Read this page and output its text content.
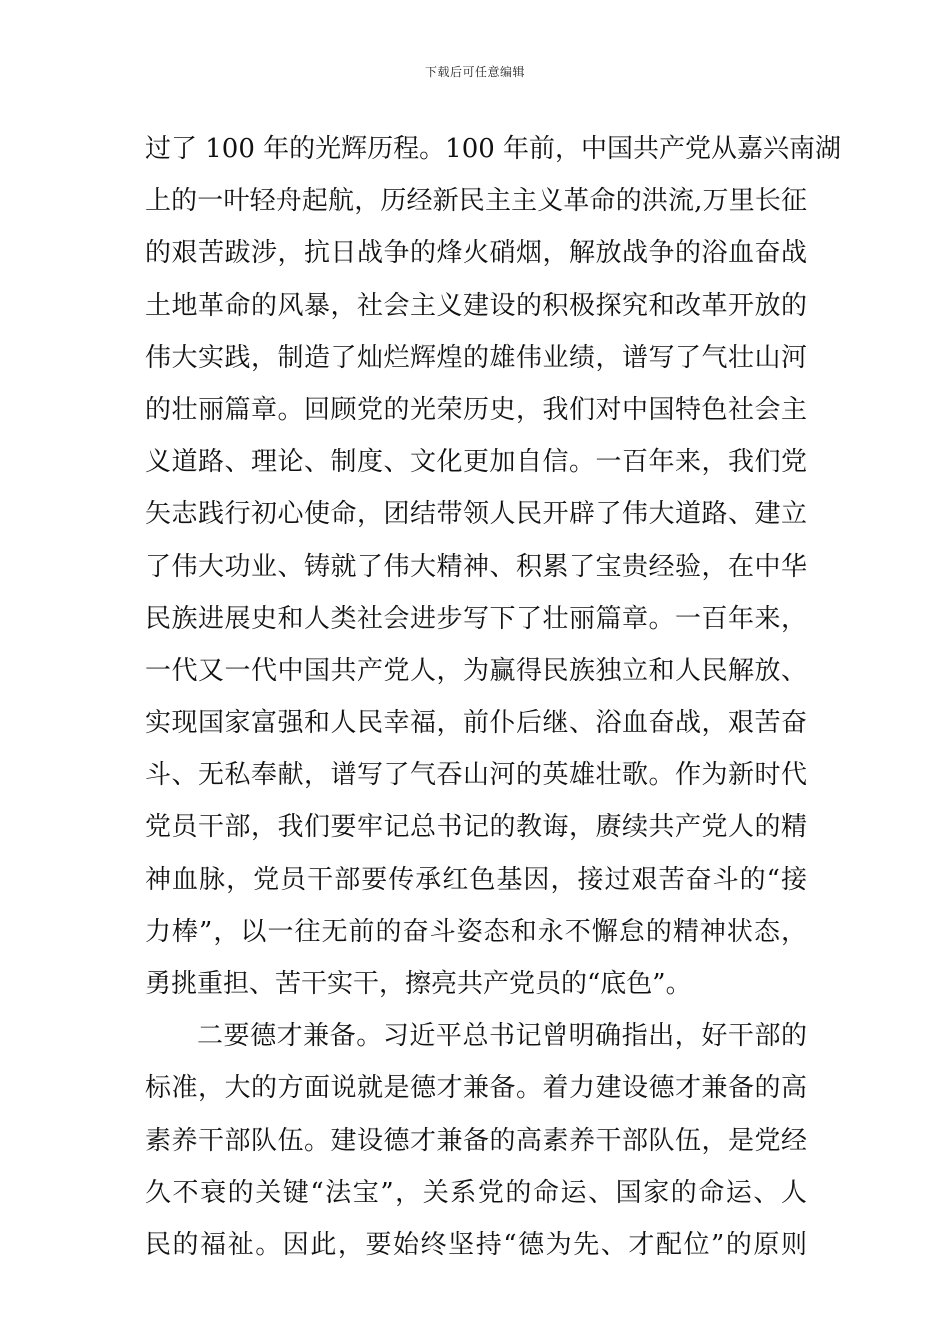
下载后可任意编辑
过了 100 年的光辉历程。100 年前，中国共产党从嘉兴南湖
上的一叶轻舟起航，历经新民主主义革命的洪流,万里长征
的艰苦跋涉，抗日战争的烽火硝烟，解放战争的浴血奋战
土地革命的风暴，社会主义建设的积极探究和改革开放的
伟大实践，制造了灿烂辉煌的雄伟业绩，谱写了气壮山河
的壮丽篇章。回顾党的光荣历史，我们对中国特色社会主
义道路、理论、制度、文化更加自信。一百年来，我们党
矢志践行初心使命，团结带领人民开辟了伟大道路、建立
了伟大功业、铸就了伟大精神、积累了宝贵经验，在中华
民族进展史和人类社会进步写下了壮丽篇章。一百年来，
一代又一代中国共产党人，为赢得民族独立和人民解放、
实现国家富强和人民幸福，前仆后继、浴血奋战，艰苦奋
斗、无私奉献，谱写了气吞山河的英雄壮歌。作为新时代
党员干部，我们要牢记总书记的教诲，赓续共产党人的精
神血脉，党员干部要传承红色基因，接过艰苦奋斗的“接
力棒”，以一往无前的奋斗姿态和永不懈怠的精神状态，
勇挑重担、苦干实干，擦亮共产党员的“底色”。
二要德才兼备。习近平总书记曾明确指出，好干部的
标准，大的方面说就是德才兼备。着力建设德才兼备的高
素养干部队伍。建设德才兼备的高素养干部队伍，是党经
久不衰的关键“法宝”，关系党的命运、国家的命运、人
民的福祉。因此，要始终坚持“德为先、才配位”的原则
